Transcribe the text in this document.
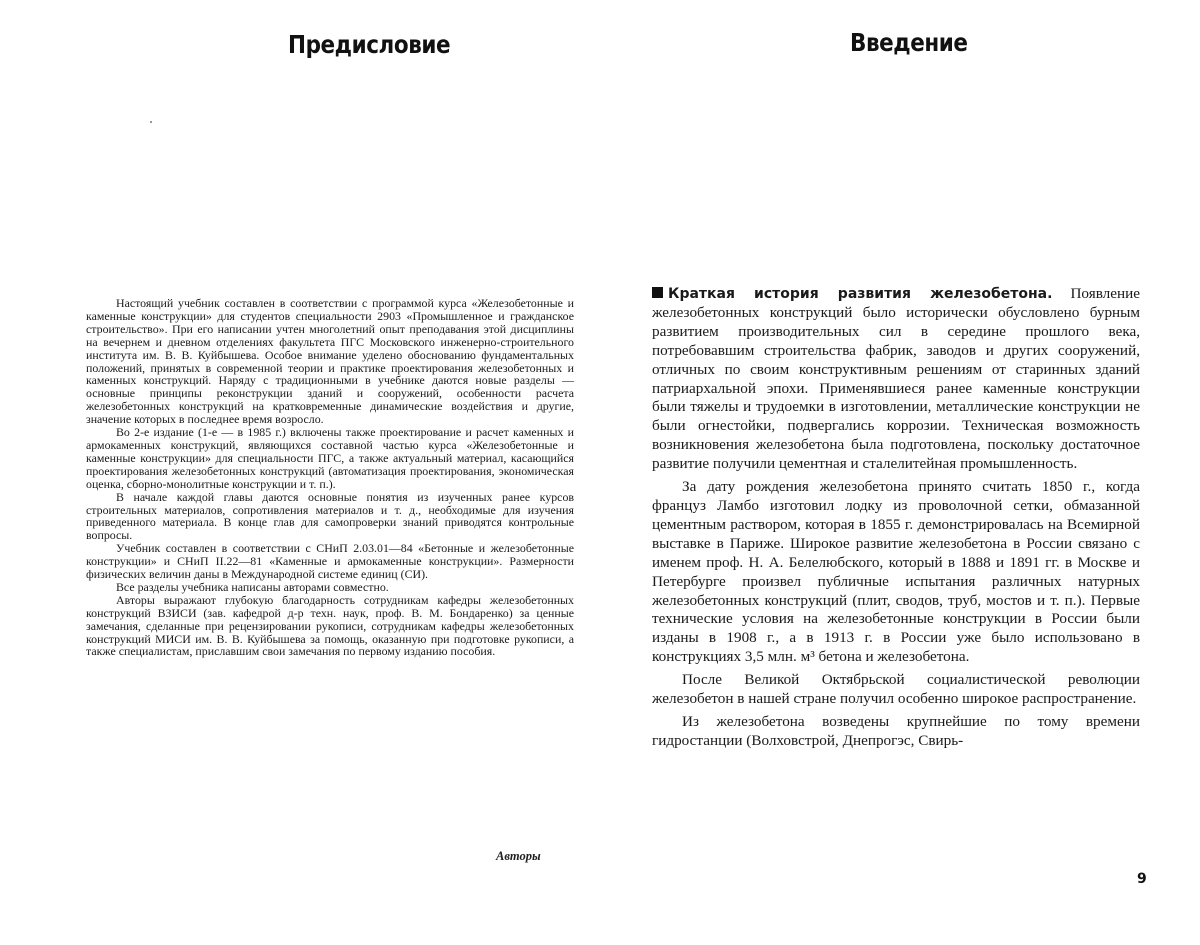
Предисловие

Настоящий учебник составлен в соответствии с программой курса «Железобетонные и каменные конструкции» для студентов специальности 2903 «Промышленное и гражданское строительство». При его написании учтен многолетний опыт преподавания этой дисциплины на вечернем и дневном отделениях факультета ПГС Московского инженерно-строительного института им. В. В. Куйбышева. Особое внимание уделено обоснованию фундаментальных положений, принятых в современной теории и практике проектирования железобетонных и каменных конструкций. Наряду с традиционными в учебнике даются новые разделы — основные принципы реконструкции зданий и сооружений, особенности расчета железобетонных конструкций на кратковременные динамические воздействия и другие, значение которых в последнее время возросло.

Во 2-е издание (1-е — в 1985 г.) включены также проектирование и расчет каменных и армокаменных конструкций, являющихся составной частью курса «Железобетонные и каменные конструкции» для специальности ПГС, а также актуальный материал, касающийся проектирования железобетонных конструкций (автоматизация проектирования, экономическая оценка, сборно-монолитные конструкции и т. п.).

В начале каждой главы даются основные понятия из изученных ранее курсов строительных материалов, сопротивления материалов и т. д., необходимые для изучения приведенного материала. В конце глав для самопроверки знаний приводятся контрольные вопросы.

Учебник составлен в соответствии с СНиП 2.03.01—84 «Бетонные и железобетонные конструкции» и СНиП II.22—81 «Каменные и армокаменные конструкции». Размерности физических величин даны в Международной системе единиц (СИ).

Все разделы учебника написаны авторами совместно.

Авторы выражают глубокую благодарность сотрудникам кафедры железобетонных конструкций ВЗИСИ (зав. кафедрой д-р техн. наук, проф. В. М. Бондаренко) за ценные замечания, сделанные при рецензировании рукописи, сотрудникам кафедры железобетонных конструкций МИСИ им. В. В. Куйбышева за помощь, оказанную при подготовке рукописи, а также специалистам, приславшим свои замечания по первому изданию пособия.

Авторы
Введение

Краткая история развития железобетона. Появление железобетонных конструкций было исторически обусловлено бурным развитием производительных сил в середине прошлого века, потребовавшим строительства фабрик, заводов и других сооружений, отличных по своим конструктивным решениям от старинных зданий патриархальной эпохи. Применявшиеся ранее каменные конструкции были тяжелы и трудоемки в изготовлении, металлические конструкции не были огнестойки, подвергались коррозии. Техническая возможность возникновения железобетона была подготовлена, поскольку достаточное развитие получили цементная и сталелитейная промышленность.

За дату рождения железобетона принято считать 1850 г., когда француз Ламбо изготовил лодку из проволочной сетки, обмазанной цементным раствором, которая в 1855 г. демонстрировалась на Всемирной выставке в Париже. Широкое развитие железобетона в России связано с именем проф. Н. А. Белелюбского, который в 1888 и 1891 гг. в Москве и Петербурге произвел публичные испытания различных натурных железобетонных конструкций (плит, сводов, труб, мостов и т. п.). Первые технические условия на железобетонные конструкции в России были изданы в 1908 г., а в 1913 г. в России уже было использовано в конструкциях 3,5 млн. м³ бетона и железобетона.

После Великой Октябрьской социалистической революции железобетон в нашей стране получил особенно широкое распространение.

Из железобетона возведены крупнейшие по тому времени гидростанции (Волховстрой, Днепрогэс, Свирь-

9
